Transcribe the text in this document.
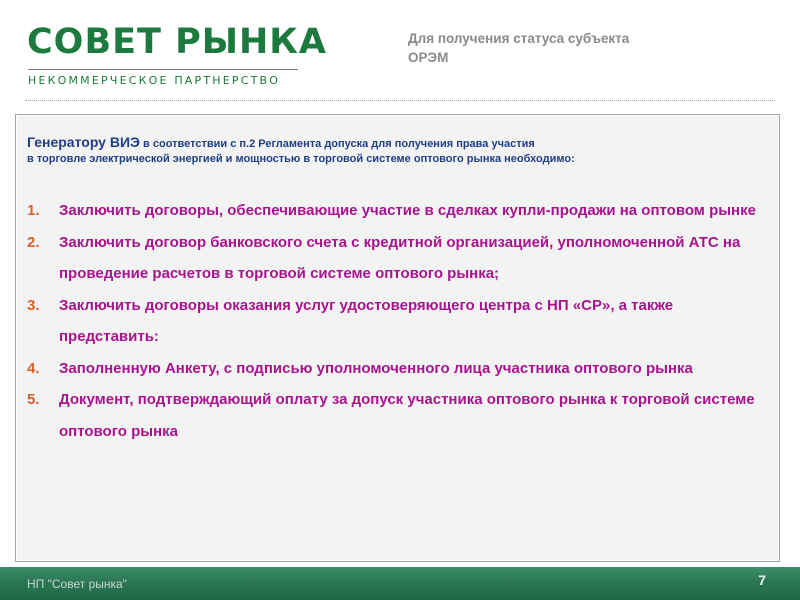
СОВЕТ РЫНКА
НЕКОММЕРЧЕСКОЕ ПАРТНЕРСТВО
Для получения статуса субъекта
ОРЭМ
Генератору ВИЭ в соответствии с п.2 Регламента допуска для получения права участия
в торговле электрической энергией и мощностью в торговой системе оптового рынка необходимо:
1. Заключить договоры, обеспечивающие участие в сделках купли-продажи на оптовом рынке
2. Заключить договор банковского счета с кредитной организацией, уполномоченной АТС на проведение расчетов в торговой системе оптового рынка;
3. Заключить договоры оказания услуг удостоверяющего центра с НП «СР», а также представить:
4. Заполненную Анкету, с подписью уполномоченного лица участника оптового рынка
5. Документ, подтверждающий оплату за допуск участника оптового рынка к торговой системе оптового рынка
НП "Совет рынка"	7
